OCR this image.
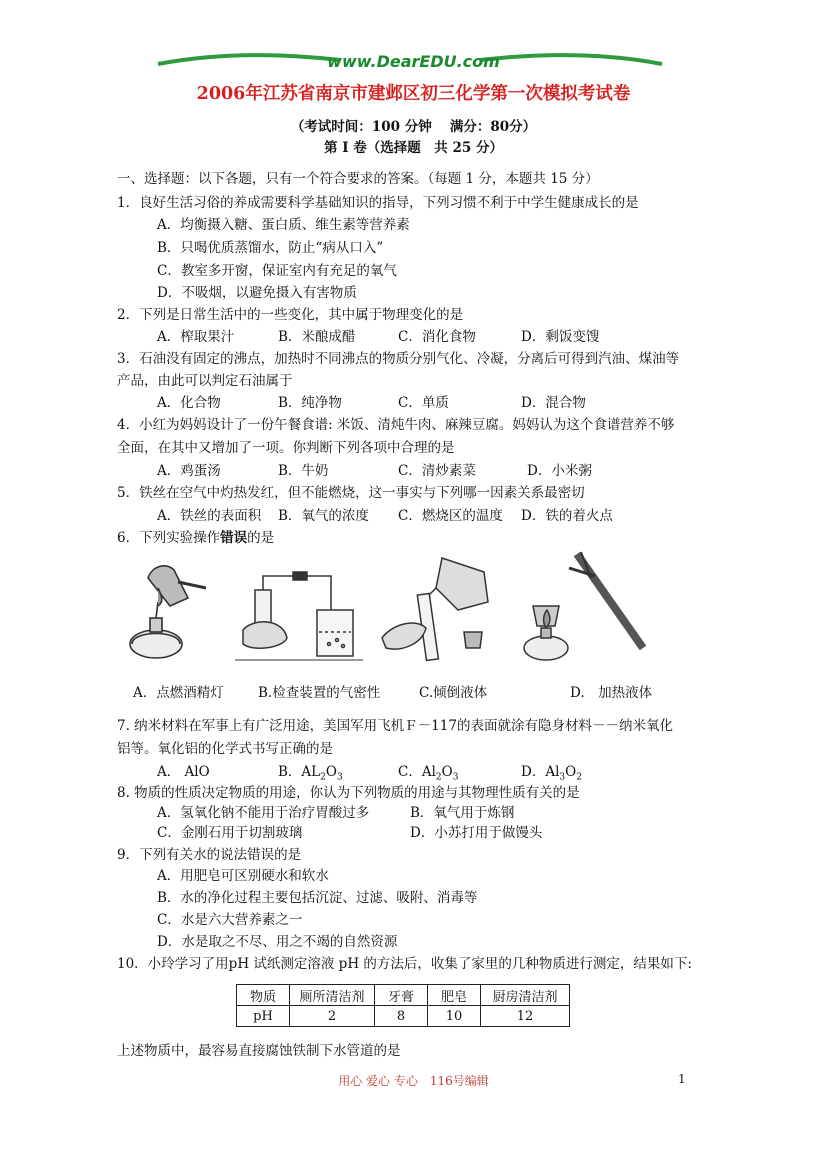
www.DearEDU.com
2006年江苏省南京市建邺区初三化学第一次模拟考试卷
（考试时间：100 分钟　 满分：80分）
第 I 卷（选择题　共 25 分）
一、选择题：以下各题，只有一个符合要求的答案。（每题 1 分，本题共 15 分）
1．良好生活习俗的养成需要科学基础知识的指导，下列习惯不利于中学生健康成长的是
A．均衡摄入糖、蛋白质、维生素等营养素
B．只喝优质蒸馏水，防止“病从口入”
C．教室多开窗，保证室内有充足的氧气
D．不吸烟，以避免摄入有害物质
2．下列是日常生活中的一些变化，其中属于物理变化的是
A．榨取果汁	B．米酿成醋	C．消化食物	D．剩饭变馊
3．石油没有固定的沸点，加热时不同沸点的物质分别气化、冷凝，分离后可得到汽油、煤油等
产品，由此可以判定石油属于
A．化合物	B．纯净物	C．单质	D．混合物
4．小红为妈妈设计了一份午餐食谱: 米饭、清炖牛肉、麻辣豆腐。妈妈认为这个食谱营养不够
全面，在其中又增加了一项。你判断下列各项中合理的是
A．鸡蛋汤	B．牛奶	C．清炒素菜	D．小米粥
5．铁丝在空气中灼热发红，但不能燃烧，这一事实与下列哪一因素关系最密切
A．铁丝的表面积 B．氧气的浓度 C．燃烧区的温度 D．铁的着火点
6．下列实验操作错误的是
A．点燃酒精灯	B.检查装置的气密性	C.倾倒液体	D.　加热液体
7. 纳米材料在军事上有广泛用途，美国军用飞机Ｆ－117的表面就涂有隐身材料－－纳米氧化
铝等。氧化铝的化学式书写正确的是
A． AlO	B．$AL_2O_3$	C．$Al_2O_3$	D．$Al_3O_2$
8. 物质的性质决定物质的用途，你认为下列物质的用途与其物理性质有关的是
A．氢氧化钠不能用于治疗胃酸过多	B．氧气用于炼钢
C．金刚石用于切割玻璃	D．小苏打用于做馒头
9．下列有关水的说法错误的是
A．用肥皂可区别硬水和软水
B．水的净化过程主要包括沉淀、过滤、吸附、消毒等
C．水是六大营养素之一
D．水是取之不尽、用之不竭的自然资源
10．小玲学习了用pH 试纸测定溶液 pH 的方法后，收集了家里的几种物质进行测定，结果如下:
物质	厕所清洁剂	牙膏	肥皂	厨房清洁剂
pH	2	8	10	12
上述物质中，最容易直接腐蚀铁制下水管道的是
用心 爱心 专心　116号编辑	1
